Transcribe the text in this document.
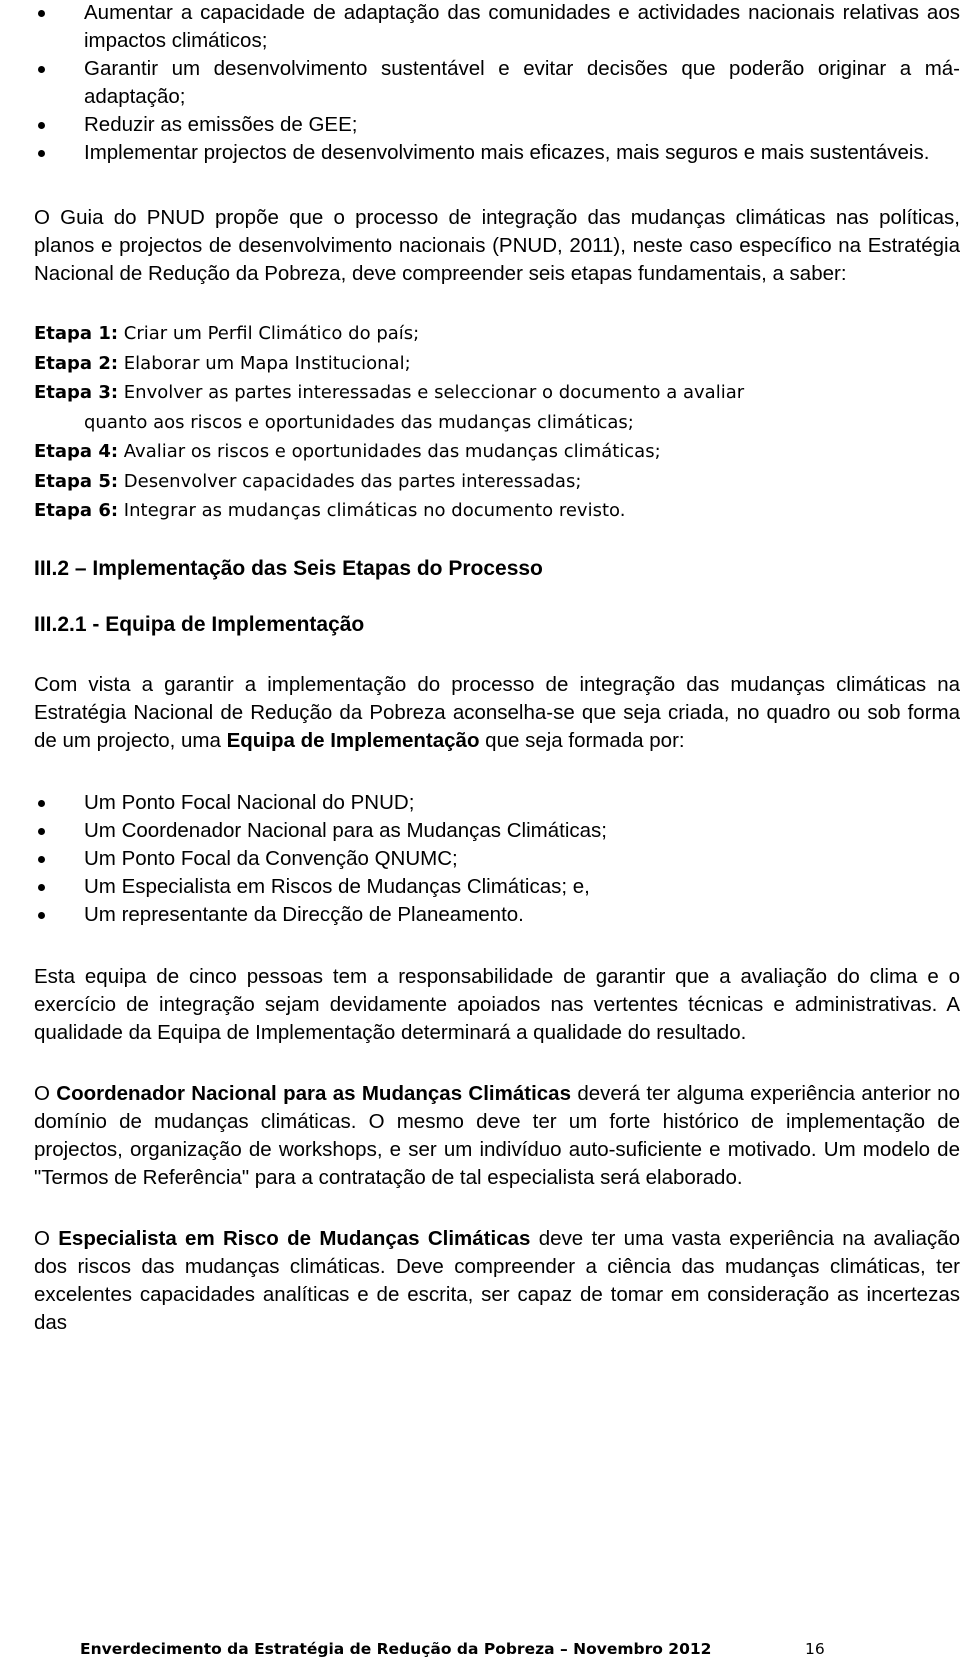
Aumentar a capacidade de adaptação das comunidades e actividades nacionais relativas aos impactos climáticos;
Garantir um desenvolvimento sustentável e evitar decisões que poderão originar a má-adaptação;
Reduzir as emissões de GEE;
Implementar projectos de desenvolvimento mais eficazes, mais seguros e mais sustentáveis.

O Guia do PNUD propõe que o processo de integração das mudanças climáticas nas políticas, planos e projectos de desenvolvimento nacionais (PNUD, 2011), neste caso específico na Estratégia Nacional de Redução da Pobreza, deve compreender seis etapas fundamentais, a saber:

Etapa 1: Criar um Perfil Climático do país;
Etapa 2: Elaborar um Mapa Institucional;
Etapa 3: Envolver as partes interessadas e seleccionar o documento a avaliar
quanto aos riscos e oportunidades das mudanças climáticas;
Etapa 4: Avaliar os riscos e oportunidades das mudanças climáticas;
Etapa 5: Desenvolver capacidades das partes interessadas;
Etapa 6: Integrar as mudanças climáticas no documento revisto.
III.2 – Implementação das Seis Etapas do Processo
III.2.1 - Equipa de Implementação

Com vista a garantir a implementação do processo de integração das mudanças climáticas na Estratégia Nacional de Redução da Pobreza aconselha-se que seja criada, no quadro ou sob forma de um projecto, uma Equipa de Implementação que seja formada por:

Um Ponto Focal Nacional do PNUD;
Um Coordenador Nacional para as Mudanças Climáticas;
Um Ponto Focal da Convenção QNUMC;
Um Especialista em Riscos de Mudanças Climáticas; e,
Um representante da Direcção de Planeamento.

Esta equipa de cinco pessoas tem a responsabilidade de garantir que a avaliação do clima e o exercício de integração sejam devidamente apoiados nas vertentes técnicas e administrativas. A qualidade da Equipa de Implementação determinará a qualidade do resultado.

O Coordenador Nacional para as Mudanças Climáticas deverá ter alguma experiência anterior no domínio de mudanças climáticas. O mesmo deve ter um forte histórico de implementação de projectos, organização de workshops, e ser um indivíduo auto-suficiente e motivado. Um modelo de "Termos de Referência" para a contratação de tal especialista será elaborado.

O Especialista em Risco de Mudanças Climáticas deve ter uma vasta experiência na avaliação dos riscos das mudanças climáticas. Deve compreender a ciência das mudanças climáticas, ter excelentes capacidades analíticas e de escrita, ser capaz de tomar em consideração as incertezas das

Enverdecimento da Estratégia de Redução da Pobreza – Novembro 2012	16
